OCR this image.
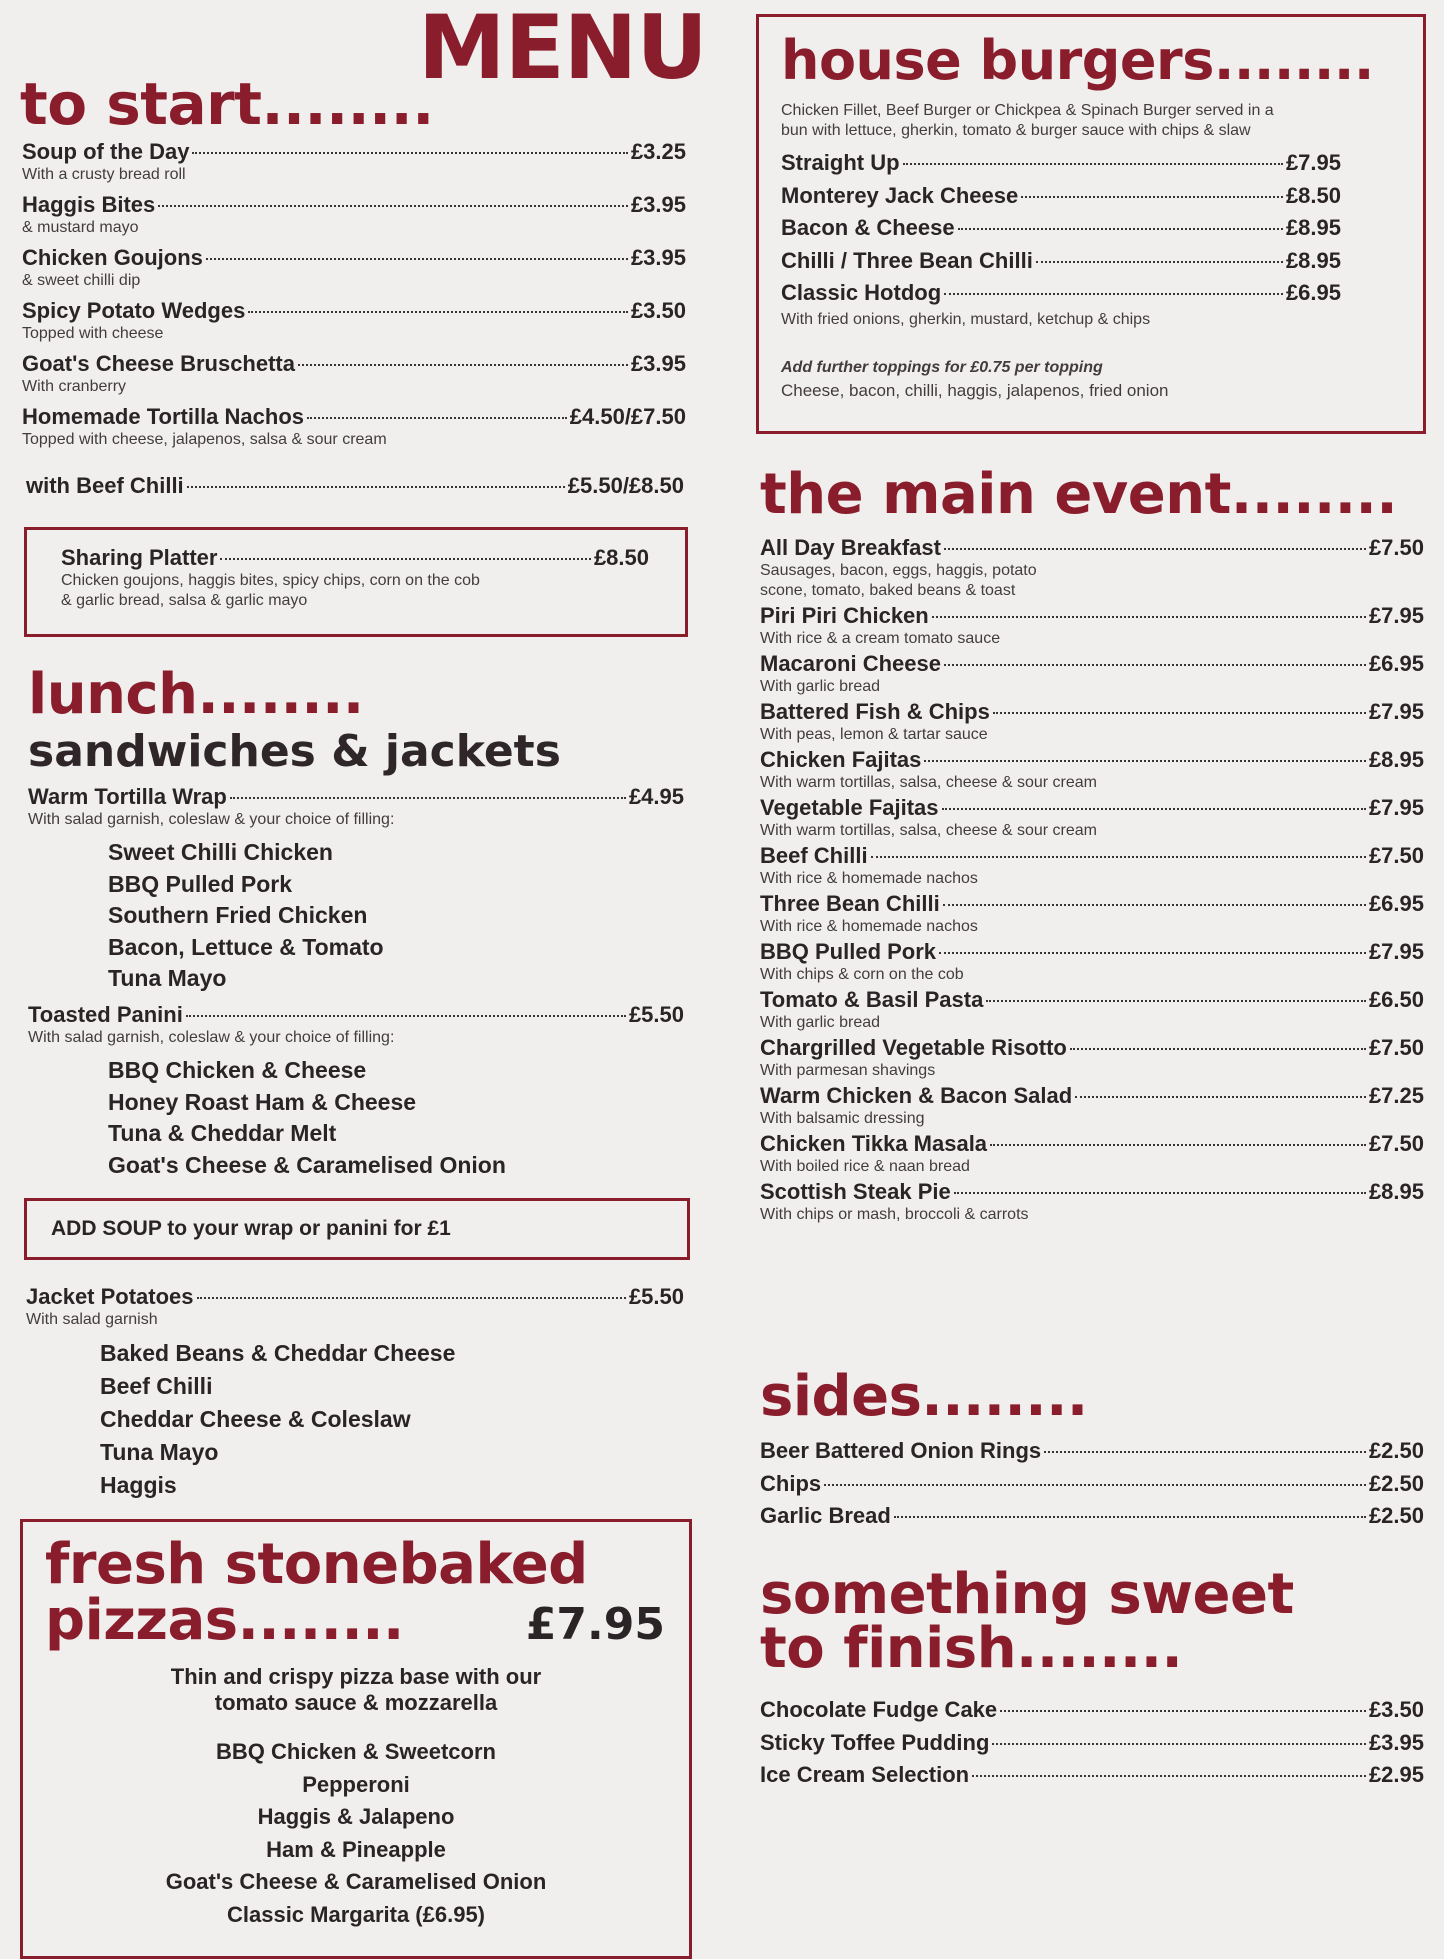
MENU
to start........
Soup of the Day	£3.25
With a crusty bread roll
Haggis Bites	£3.95
& mustard mayo
Chicken Goujons	£3.95
& sweet chilli dip
Spicy Potato Wedges	£3.50
Topped with cheese
Goat's Cheese Bruschetta	£3.95
With cranberry
Homemade Tortilla Nachos	£4.50/£7.50
Topped with cheese, jalapenos, salsa & sour cream
with Beef Chilli	£5.50/£8.50
Sharing Platter	£8.50
Chicken goujons, haggis bites, spicy chips, corn on the cob
& garlic bread, salsa & garlic mayo
lunch........
sandwiches & jackets
Warm Tortilla Wrap	£4.95
With salad garnish, coleslaw & your choice of filling:
Sweet Chilli Chicken
BBQ Pulled Pork
Southern Fried Chicken
Bacon, Lettuce & Tomato
Tuna Mayo
Toasted Panini	£5.50
With salad garnish, coleslaw & your choice of filling:
BBQ Chicken & Cheese
Honey Roast Ham & Cheese
Tuna & Cheddar Melt
Goat's Cheese & Caramelised Onion
ADD SOUP to your wrap or panini for £1
Jacket Potatoes	£5.50
With salad garnish
Baked Beans & Cheddar Cheese
Beef Chilli
Cheddar Cheese & Coleslaw
Tuna Mayo
Haggis
fresh stonebaked
pizzas........	£7.95
Thin and crispy pizza base with our
tomato sauce & mozzarella
BBQ Chicken & Sweetcorn
Pepperoni
Haggis & Jalapeno
Ham & Pineapple
Goat's Cheese & Caramelised Onion
Classic Margarita (£6.95)
house burgers........
Chicken Fillet, Beef Burger or Chickpea & Spinach Burger served in a
bun with lettuce, gherkin, tomato & burger sauce with chips & slaw
Straight Up	£7.95
Monterey Jack Cheese	£8.50
Bacon & Cheese	£8.95
Chilli / Three Bean Chilli	£8.95
Classic Hotdog	£6.95
With fried onions, gherkin, mustard, ketchup & chips
Add further toppings for £0.75 per topping
Cheese, bacon, chilli, haggis, jalapenos, fried onion
the main event........
All Day Breakfast	£7.50
Sausages, bacon, eggs, haggis, potato
scone, tomato, baked beans & toast
Piri Piri Chicken	£7.95
With rice & a cream tomato sauce
Macaroni Cheese	£6.95
With garlic bread
Battered Fish & Chips	£7.95
With peas, lemon & tartar sauce
Chicken Fajitas	£8.95
With warm tortillas, salsa, cheese & sour cream
Vegetable Fajitas	£7.95
With warm tortillas, salsa, cheese & sour cream
Beef Chilli	£7.50
With rice & homemade nachos
Three Bean Chilli	£6.95
With rice & homemade nachos
BBQ Pulled Pork	£7.95
With chips & corn on the cob
Tomato & Basil Pasta	£6.50
With garlic bread
Chargrilled Vegetable Risotto	£7.50
With parmesan shavings
Warm Chicken & Bacon Salad	£7.25
With balsamic dressing
Chicken Tikka Masala	£7.50
With boiled rice & naan bread
Scottish Steak Pie	£8.95
With chips or mash, broccoli & carrots
sides........
Beer Battered Onion Rings	£2.50
Chips	£2.50
Garlic Bread	£2.50
something sweet
to finish........
Chocolate Fudge Cake	£3.50
Sticky Toffee Pudding	£3.95
Ice Cream Selection	£2.95
